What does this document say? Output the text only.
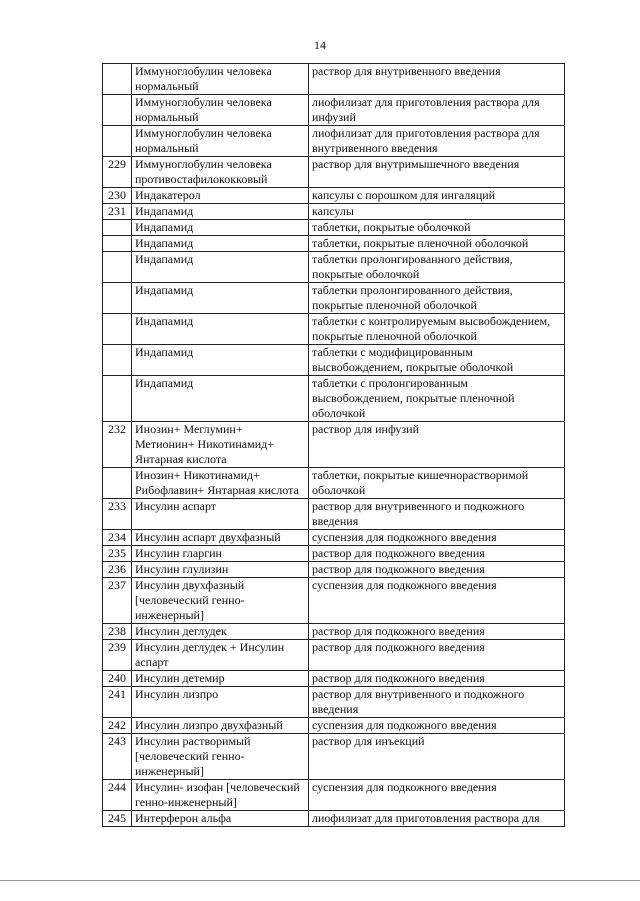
14
	Иммуноглобулин человека нормальный	раствор для внутривенного введения
	Иммуноглобулин человека нормальный	лиофилизат для приготовления раствора для инфузий
	Иммуноглобулин человека нормальный	лиофилизат для приготовления раствора для внутривенного введения
229	Иммуноглобулин человека противостафилококковый	раствор для внутримышечного введения
230	Индакатерол	капсулы с порошком для ингаляций
231	Индапамид	капсулы
	Индапамид	таблетки, покрытые оболочкой
	Индапамид	таблетки, покрытые пленочной оболочкой
	Индапамид	таблетки пролонгированного действия, покрытые оболочкой
	Индапамид	таблетки пролонгированного действия, покрытые пленочной оболочкой
	Индапамид	таблетки с контролируемым высвобождением, покрытые пленочной оболочкой
	Индапамид	таблетки с модифицированным высвобождением, покрытые оболочкой
	Индапамид	таблетки с пролонгированным высвобождением, покрытые пленочной оболочкой
232	Инозин+ Меглумин+ Метионин+ Никотинамид+ Янтарная кислота	раствор для инфузий
	Инозин+ Никотинамид+ Рибофлавин+ Янтарная кислота	таблетки, покрытые кишечнорастворимой оболочкой
233	Инсулин аспарт	раствор для внутривенного и подкожного введения
234	Инсулин аспарт двухфазный	суспензия для подкожного введения
235	Инсулин гларгин	раствор для подкожного введения
236	Инсулин глулизин	раствор для подкожного введения
237	Инсулин двухфазный [человеческий генно-инженерный]	суспензия для подкожного введения
238	Инсулин деглудек	раствор для подкожного введения
239	Инсулин деглудек + Инсулин аспарт	раствор для подкожного введения
240	Инсулин детемир	раствор для подкожного введения
241	Инсулин лизпро	раствор для внутривенного и подкожного введения
242	Инсулин лизпро двухфазный	суспензия для подкожного введения
243	Инсулин растворимый [человеческий генно-инженерный]	раствор для инъекций
244	Инсулин- изофан [человеческий генно-инженерный]	суспензия для подкожного введения
245	Интерферон альфа	лиофилизат для приготовления раствора для
